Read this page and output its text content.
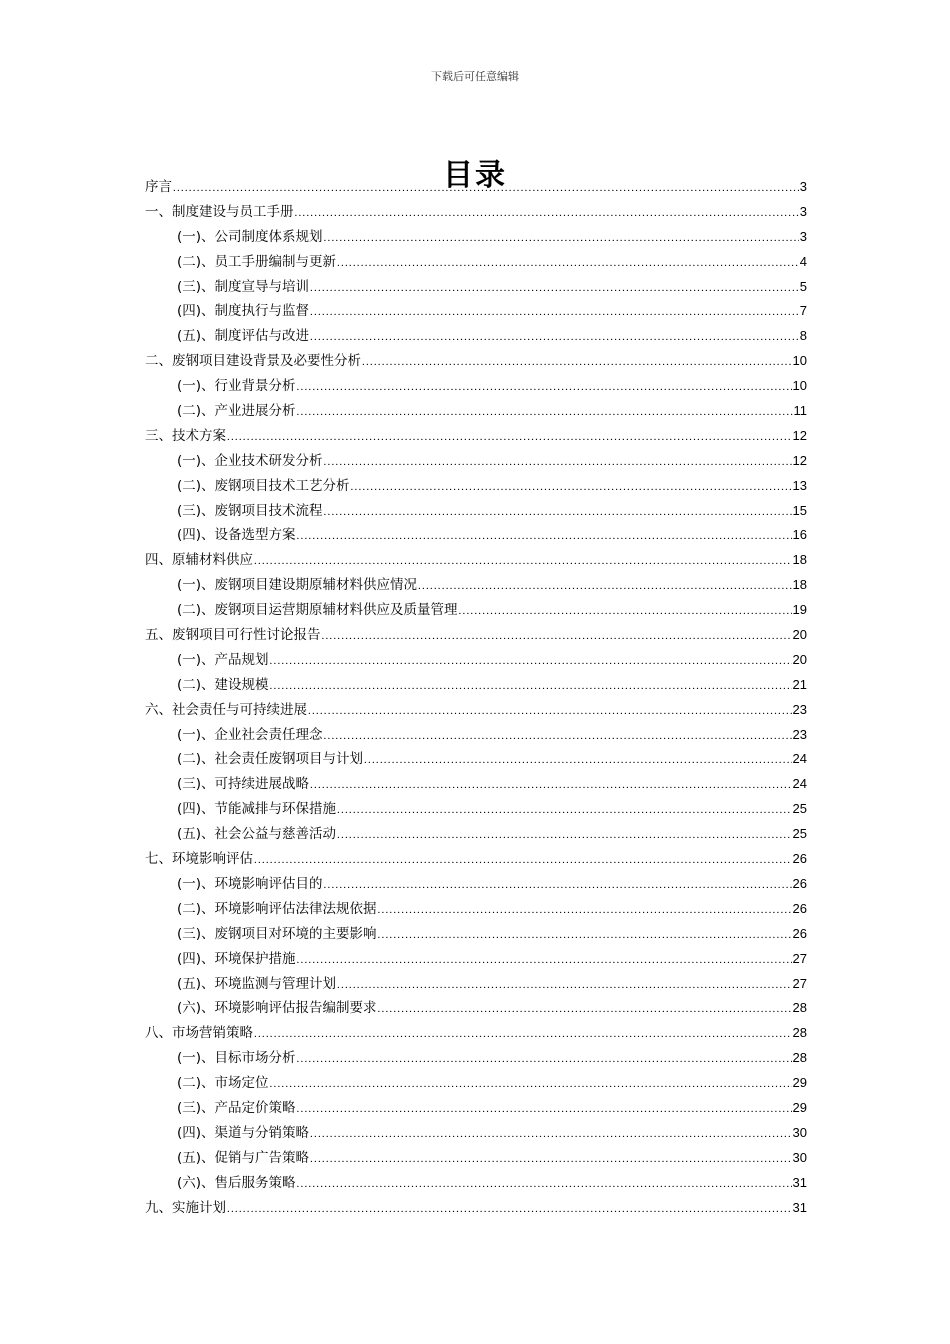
下载后可任意编辑
目录
序言 .....	3
一、制度建设与员工手册 .....	3
(一)、公司制度体系规划 .....	3
(二)、员工手册编制与更新 .....	4
(三)、制度宣导与培训 .....	5
(四)、制度执行与监督 .....	7
(五)、制度评估与改进 .....	8
二、废钢项目建设背景及必要性分析 .....	10
(一)、行业背景分析 .....	10
(二)、产业进展分析 .....	11
三、技术方案 .....	12
(一)、企业技术研发分析 .....	12
(二)、废钢项目技术工艺分析 .....	13
(三)、废钢项目技术流程 .....	15
(四)、设备选型方案 .....	16
四、原辅材料供应 .....	18
(一)、废钢项目建设期原辅材料供应情况 .....	18
(二)、废钢项目运营期原辅材料供应及质量管理 .....	19
五、废钢项目可行性讨论报告 .....	20
(一)、产品规划 .....	20
(二)、建设规模 .....	21
六、社会责任与可持续进展 .....	23
(一)、企业社会责任理念 .....	23
(二)、社会责任废钢项目与计划 .....	24
(三)、可持续进展战略 .....	24
(四)、节能减排与环保措施 .....	25
(五)、社会公益与慈善活动 .....	25
七、环境影响评估 .....	26
(一)、环境影响评估目的 .....	26
(二)、环境影响评估法律法规依据 .....	26
(三)、废钢项目对环境的主要影响 .....	26
(四)、环境保护措施 .....	27
(五)、环境监测与管理计划 .....	27
(六)、环境影响评估报告编制要求 .....	28
八、市场营销策略 .....	28
(一)、目标市场分析 .....	28
(二)、市场定位 .....	29
(三)、产品定价策略 .....	29
(四)、渠道与分销策略 .....	30
(五)、促销与广告策略 .....	30
(六)、售后服务策略 .....	31
九、实施计划 .....	31
